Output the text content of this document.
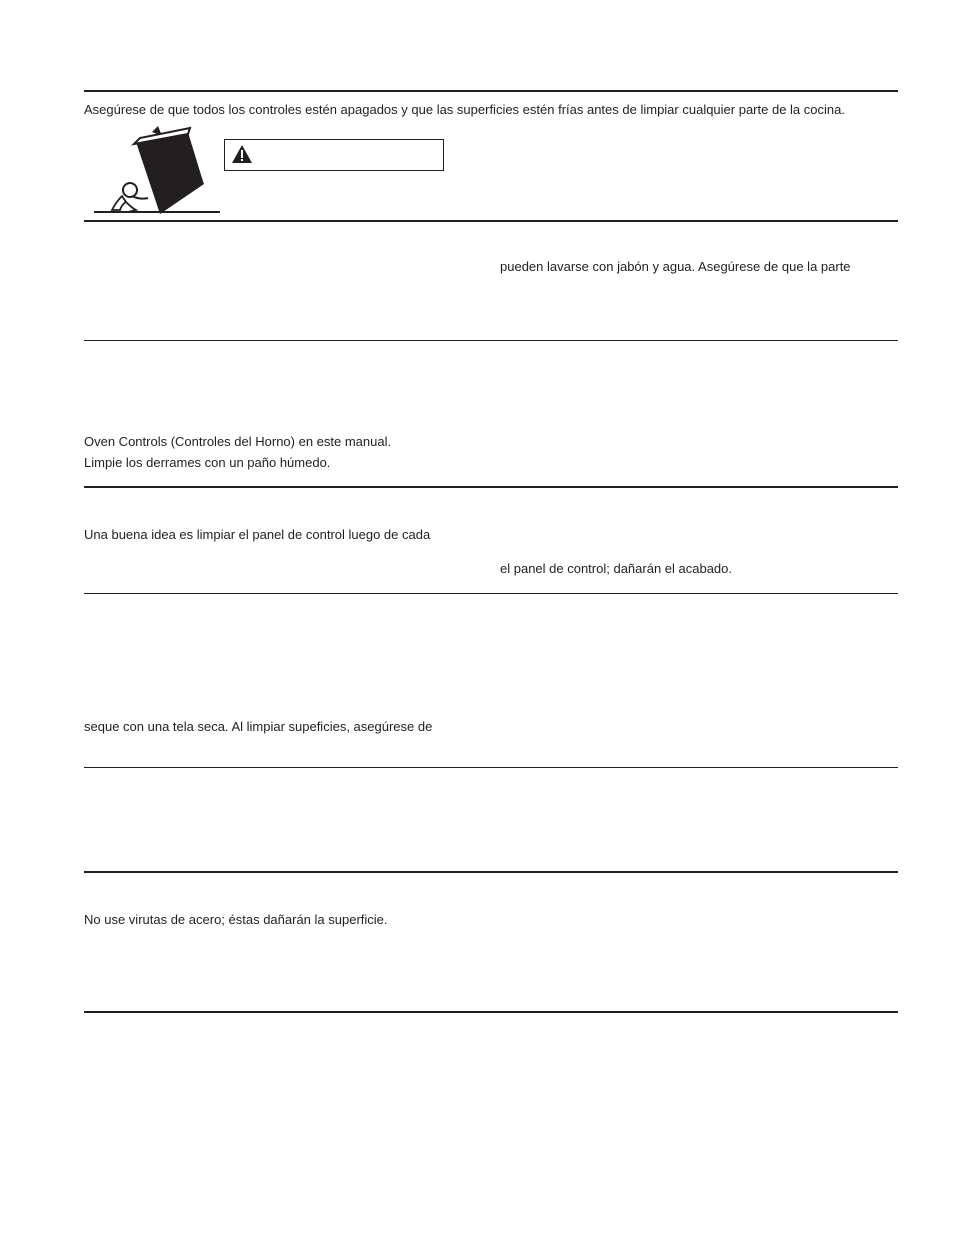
Asegúrese de que todos los controles estén apagados y que las superficies estén frías antes de limpiar cualquier parte de la cocina.
pueden lavarse con jabón y agua. Asegúrese de que la parte
Oven Controls (Controles del Horno) en este manual.
Limpie los derrames con un paño húmedo.
Una buena idea es limpiar el panel de control luego de cada
el panel de control; dañarán el acabado.
seque con una tela seca. Al limpiar supeficies, asegúrese de
No use virutas de acero; éstas dañarán la superficie.
